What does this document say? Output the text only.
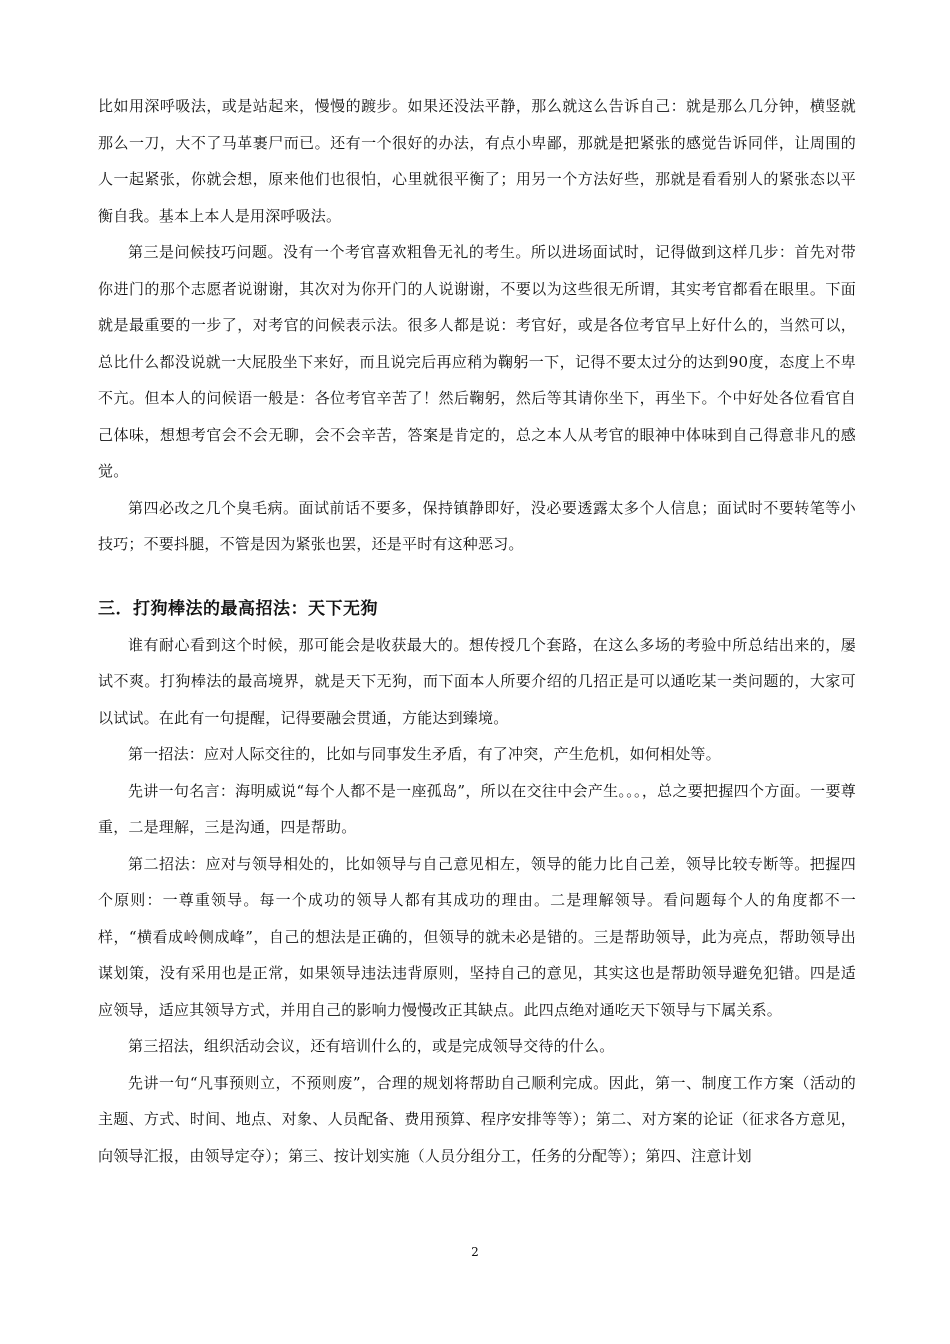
比如用深呼吸法，或是站起来，慢慢的踱步。如果还没法平静，那么就这么告诉自己：就是那么几分钟，横竖就那么一刀，大不了马革裹尸而已。还有一个很好的办法，有点小卑鄙，那就是把紧张的感觉告诉同伴，让周围的人一起紧张，你就会想，原来他们也很怕，心里就很平衡了；用另一个方法好些，那就是看看别人的紧张态以平衡自我。基本上本人是用深呼吸法。

第三是问候技巧问题。没有一个考官喜欢粗鲁无礼的考生。所以进场面试时，记得做到这样几步：首先对带你进门的那个志愿者说谢谢，其次对为你开门的人说谢谢，不要以为这些很无所谓，其实考官都看在眼里。下面就是最重要的一步了，对考官的问候表示法。很多人都是说：考官好，或是各位考官早上好什么的，当然可以，总比什么都没说就一大屁股坐下来好，而且说完后再应稍为鞠躬一下，记得不要太过分的达到90度，态度上不卑不亢。但本人的问候语一般是：各位考官辛苦了！然后鞠躬，然后等其请你坐下，再坐下。个中好处各位看官自己体味，想想考官会不会无聊，会不会辛苦，答案是肯定的，总之本人从考官的眼神中体味到自己得意非凡的感觉。

第四必改之几个臭毛病。面试前话不要多，保持镇静即好，没必要透露太多个人信息；面试时不要转笔等小技巧；不要抖腿，不管是因为紧张也罢，还是平时有这种恶习。

三．打狗棒法的最高招法：天下无狗

谁有耐心看到这个时候，那可能会是收获最大的。想传授几个套路，在这么多场的考验中所总结出来的，屡试不爽。打狗棒法的最高境界，就是天下无狗，而下面本人所要介绍的几招正是可以通吃某一类问题的，大家可以试试。在此有一句提醒，记得要融会贯通，方能达到臻境。

第一招法：应对人际交往的，比如与同事发生矛盾，有了冲突，产生危机，如何相处等。

先讲一句名言：海明威说“每个人都不是一座孤岛”，所以在交往中会产生。。。，总之要把握四个方面。一要尊重，二是理解，三是沟通，四是帮助。

第二招法：应对与领导相处的，比如领导与自己意见相左，领导的能力比自己差，领导比较专断等。把握四个原则：一尊重领导。每一个成功的领导人都有其成功的理由。二是理解领导。看问题每个人的角度都不一样，“横看成岭侧成峰”，自己的想法是正确的，但领导的就未必是错的。三是帮助领导，此为亮点，帮助领导出谋划策，没有采用也是正常，如果领导违法违背原则，坚持自己的意见，其实这也是帮助领导避免犯错。四是适应领导，适应其领导方式，并用自己的影响力慢慢改正其缺点。此四点绝对通吃天下领导与下属关系。

第三招法，组织活动会议，还有培训什么的，或是完成领导交待的什么。

先讲一句“凡事预则立，不预则废”，合理的规划将帮助自己顺利完成。因此，第一、制度工作方案（活动的主题、方式、时间、地点、对象、人员配备、费用预算、程序安排等等）；第二、对方案的论证（征求各方意见，向领导汇报，由领导定夺）；第三、按计划实施（人员分组分工，任务的分配等）；第四、注意计划

2
